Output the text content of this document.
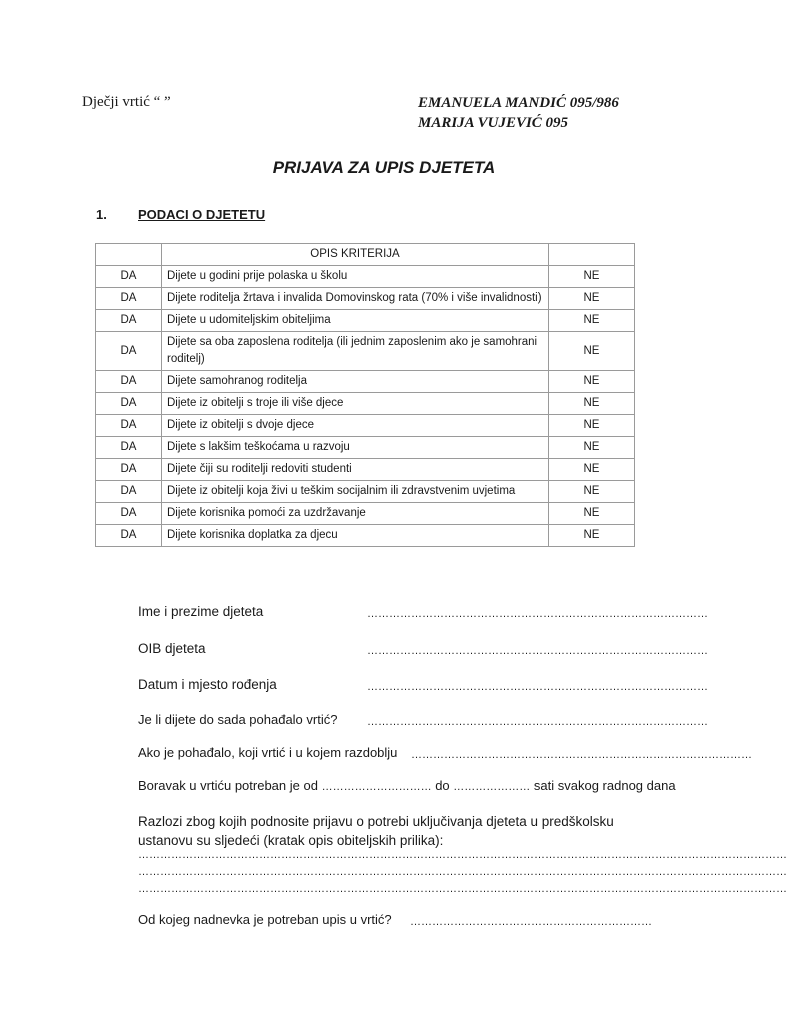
Dječji vrtić “ ”	EMANUELA MANDIĆ 095/986
MARIJA VUJEVIĆ 095
PRIJAVA ZA UPIS DJETETA
1. PODACI O DJETETU
	OPIS KRITERIJA	
DA	Dijete u godini prije polaska u školu	NE
DA	Dijete roditelja žrtava i invalida Domovinskog rata (70% i više invalidnosti)	NE
DA	Dijete u udomiteljskim obiteljima	NE
DA	Dijete sa oba zaposlena roditelja (ili jednim zaposlenim ako je samohrani roditelj)	NE
DA	Dijete samohranog roditelja	NE
DA	Dijete iz obitelji s troje ili više djece	NE
DA	Dijete iz obitelji s dvoje djece	NE
DA	Dijete s lakšim teškoćama u razvoju	NE
DA	Dijete čiji su roditelji redoviti studenti	NE
DA	Dijete iz obitelji koja živi u teškim socijalnim ili zdravstvenim uvjetima	NE
DA	Dijete korisnika pomoći za uzdržavanje	NE
DA	Dijete korisnika doplatka za djecu	NE
Ime i prezime djeteta	…………………………………………………………………………………
OIB djeteta	…………………………………………………………………………………
Datum i mjesto rođenja	…………………………………………………………………………………
Je li dijete do sada pohađalo vrtić?	…………………………………………………………………………………
Ako je pohađalo, koji vrtić i u kojem razdoblju …………………………………………………………………………………
Boravak u vrtiću potreban je od ………………………… do ………………… sati svakog radnog dana
Razlozi zbog kojih podnosite prijavu o potrebi uključivanja djeteta u predškolsku ustanovu su sljedeći (kratak opis obiteljskih prilika):
……………………………………………………………………………………………………………………………………………………………
……………………………………………………………………………………………………………………………………………………………
……………………………………………………………………………………………………………………………………………………………
Od kojeg nadnevka je potreban upis u vrtić? …………………………………………………………
